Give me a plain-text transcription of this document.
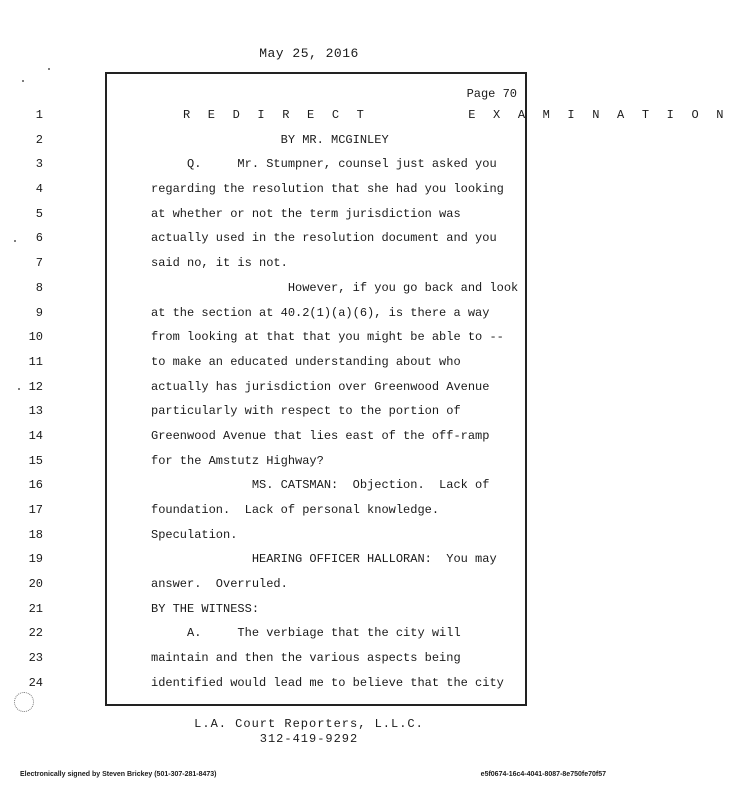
May 25, 2016
Page 70
1	R E D I R E C T        E X A M I N A T I O N
2	BY MR. MCGINLEY
3	Q.     Mr. Stumpner, counsel just asked you
4	regarding the resolution that she had you looking
5	at whether or not the term jurisdiction was
6	actually used in the resolution document and you
7	said no, it is not.
8	However, if you go back and look
9	at the section at 40.2(1)(a)(6), is there a way
10	from looking at that that you might be able to --
11	to make an educated understanding about who
12	actually has jurisdiction over Greenwood Avenue
13	particularly with respect to the portion of
14	Greenwood Avenue that lies east of the off-ramp
15	for the Amstutz Highway?
16	MS. CATSMAN:  Objection.  Lack of
17	foundation.  Lack of personal knowledge.
18	Speculation.
19	HEARING OFFICER HALLORAN:  You may
20	answer.  Overruled.
21	BY THE WITNESS:
22	A.     The verbiage that the city will
23	maintain and then the various aspects being
24	identified would lead me to believe that the city
L.A. Court Reporters, L.L.C.
312-419-9292
Electronically signed by Steven Brickey (501-307-281-8473)	e5f0674-16c4-4041-8087-8e750fe70f57
